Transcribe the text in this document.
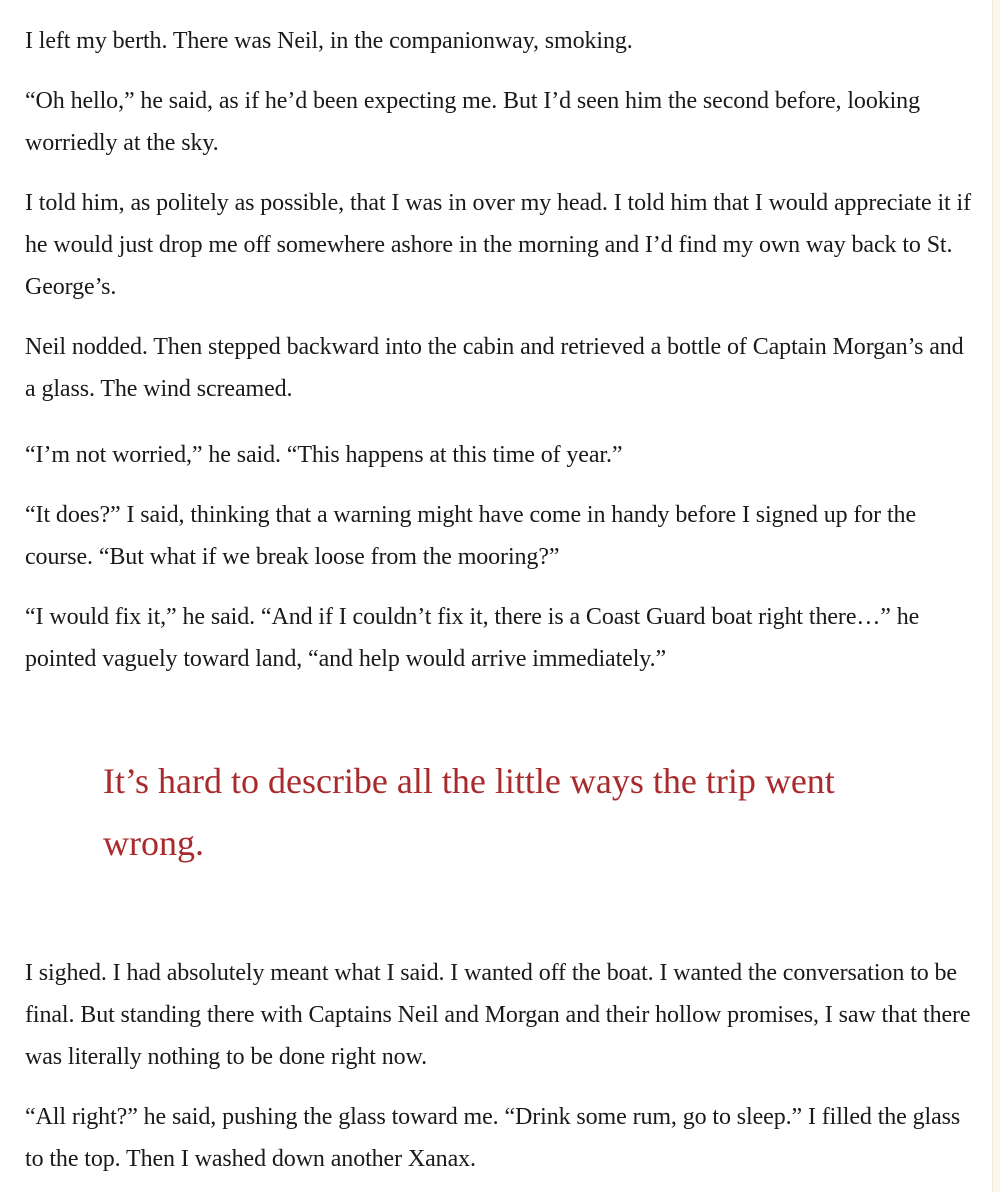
I left my berth. There was Neil, in the companionway, smoking.

“Oh hello,” he said, as if he’d been expecting me. But I’d seen him the second before, looking worriedly at the sky.

I told him, as politely as possible, that I was in over my head. I told him that I would appreciate it if he would just drop me off somewhere ashore in the morning and I’d find my own way back to St. George’s.

Neil nodded. Then stepped backward into the cabin and retrieved a bottle of Captain Morgan’s and a glass. The wind screamed.

“I’m not worried,” he said. “This happens at this time of year.”

“It does?” I said, thinking that a warning might have come in handy before I signed up for the course. “But what if we break loose from the mooring?”

“I would fix it,” he said. “And if I couldn’t fix it, there is a Coast Guard boat right there…” he pointed vaguely toward land, “and help would arrive immediately.”

It’s hard to describe all the little ways the trip went wrong.

I sighed. I had absolutely meant what I said. I wanted off the boat. I wanted the conversation to be final. But standing there with Captains Neil and Morgan and their hollow promises, I saw that there was literally nothing to be done right now.

“All right?” he said, pushing the glass toward me. “Drink some rum, go to sleep.” I filled the glass to the top. Then I washed down another Xanax.
